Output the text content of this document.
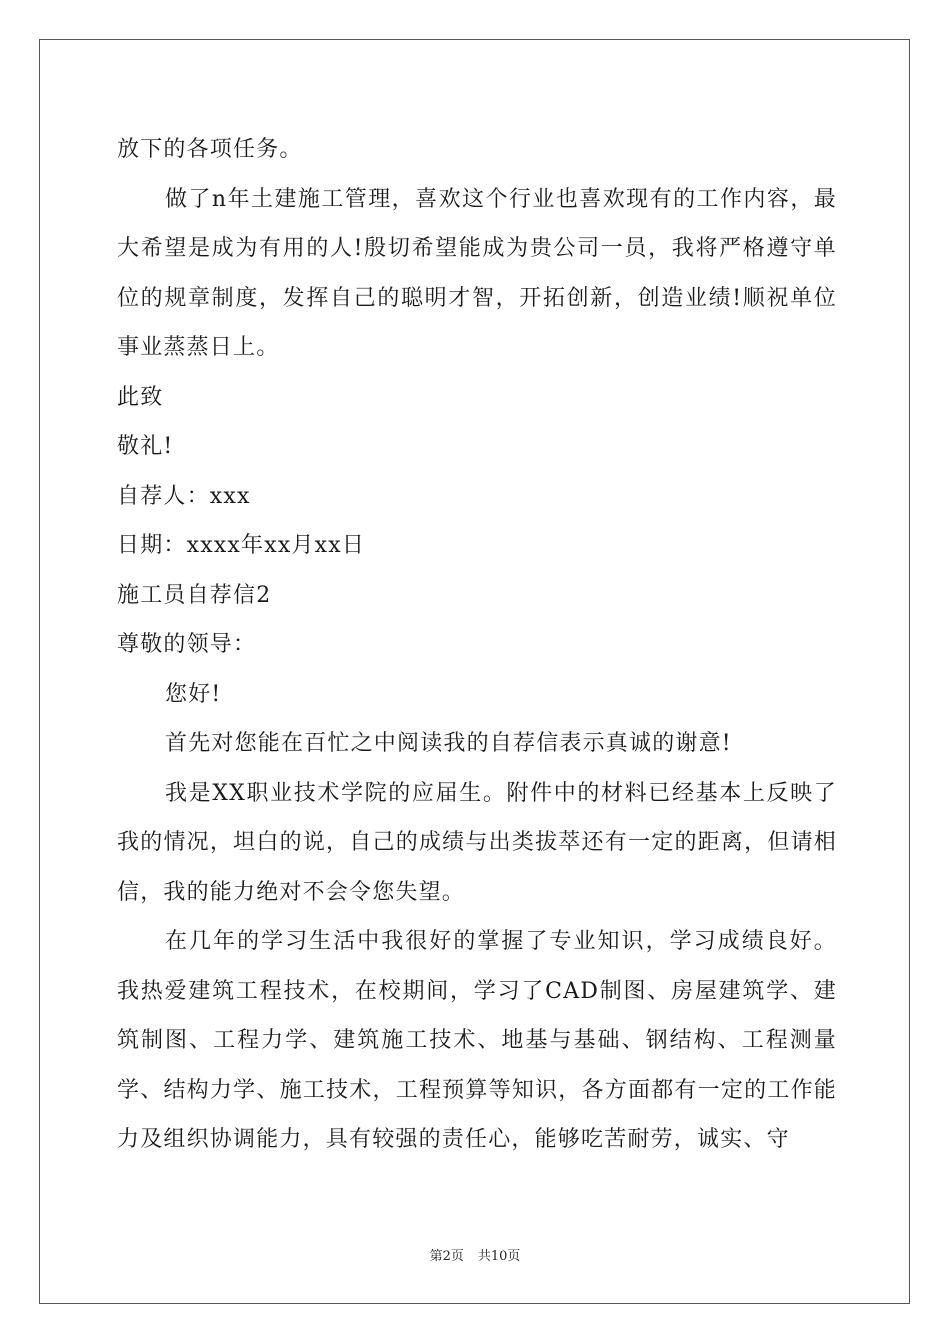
放下的各项任务。

做了n年土建施工管理，喜欢这个行业也喜欢现有的工作内容，最大希望是成为有用的人!殷切希望能成为贵公司一员，我将严格遵守单位的规章制度，发挥自己的聪明才智，开拓创新，创造业绩!顺祝单位事业蒸蒸日上。

此致

敬礼!

自荐人：xxx

日期：xxxx年xx月xx日

施工员自荐信2

尊敬的领导：

您好!

首先对您能在百忙之中阅读我的自荐信表示真诚的谢意!

我是XX职业技术学院的应届生。附件中的材料已经基本上反映了我的情况，坦白的说，自己的成绩与出类拔萃还有一定的距离，但请相信，我的能力绝对不会令您失望。

在几年的学习生活中我很好的掌握了专业知识，学习成绩良好。我热爱建筑工程技术，在校期间，学习了CAD制图、房屋建筑学、建筑制图、工程力学、建筑施工技术、地基与基础、钢结构、工程测量学、结构力学、施工技术，工程预算等知识，各方面都有一定的工作能力及组织协调能力，具有较强的责任心，能够吃苦耐劳，诚实、守

第2页 共10页
